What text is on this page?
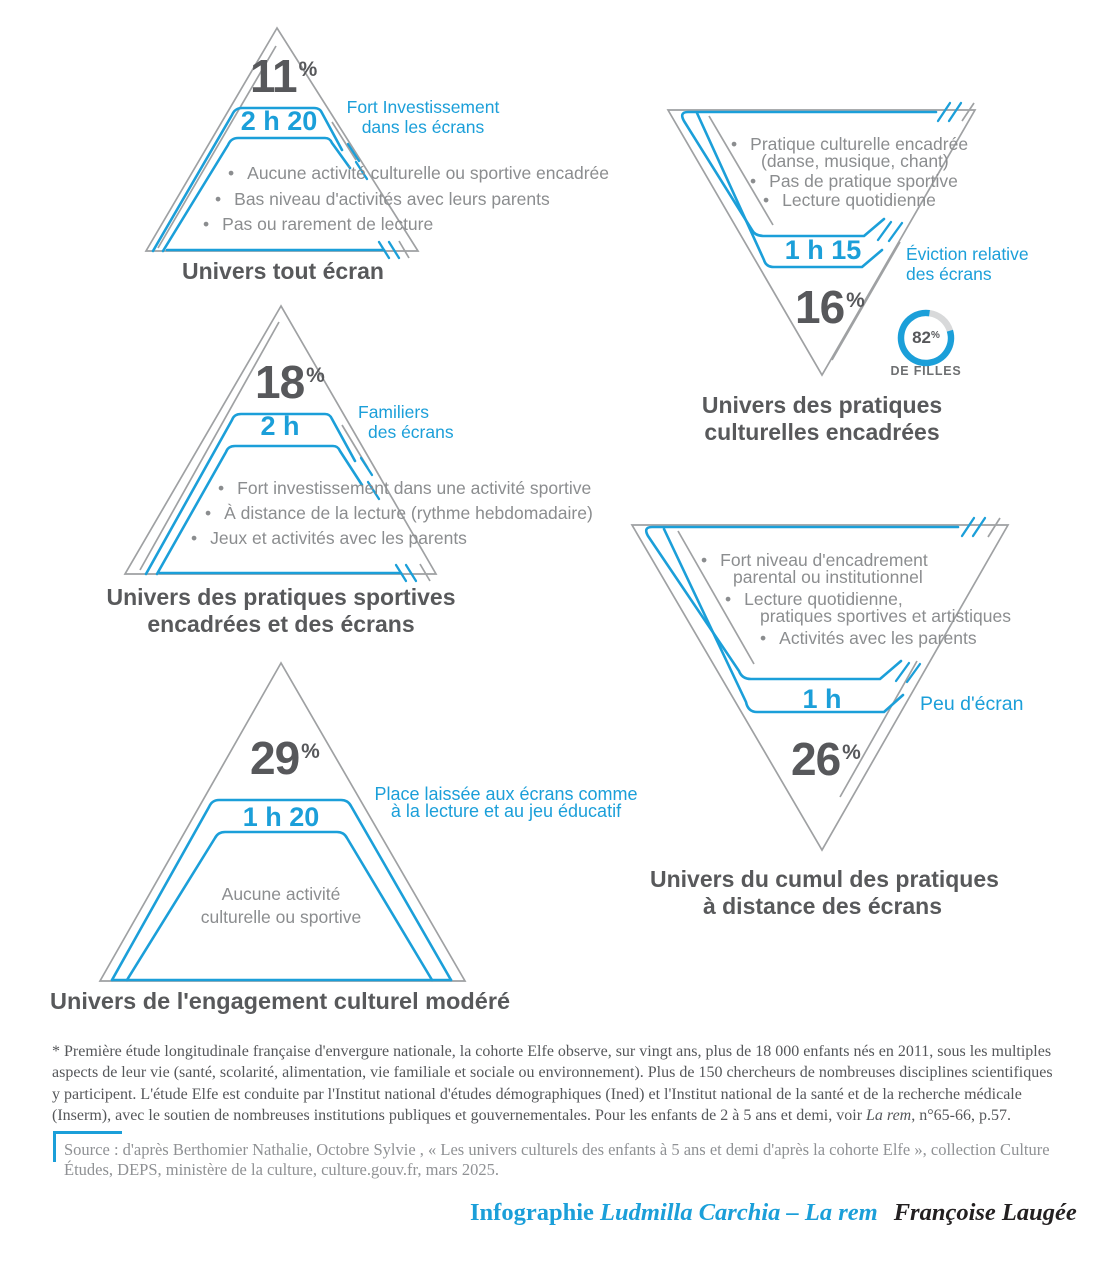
11%
2 h 20	Fort Investissement
dans les écrans
• Aucune activité culturelle ou sportive encadrée
• Bas niveau d'activités avec leurs parents
• Pas ou rarement de lecture
Univers tout écran
• Pratique culturelle encadrée
(danse, musique, chant)
• Pas de pratique sportive
• Lecture quotidienne
1 h 15	Éviction relative
des écrans
16%
82%
DE FILLES
Univers des pratiques
culturelles encadrées
18%
2 h	Familiers
des écrans
• Fort investissement dans une activité sportive
• À distance de la lecture (rythme hebdomadaire)
• Jeux et activités avec les parents
Univers des pratiques sportives
encadrées et des écrans
• Fort niveau d'encadrement
parental ou institutionnel
• Lecture quotidienne,
pratiques sportives et artistiques
• Activités avec les parents
1 h	Peu d'écran
26%
Univers du cumul des pratiques
à distance des écrans
29%
1 h 20
Place laissée aux écrans comme
à la lecture et au jeu éducatif
Aucune activité
culturelle ou sportive
Univers de l'engagement culturel modéré
* Première étude longitudinale française d'envergure nationale, la cohorte Elfe observe, sur vingt ans, plus de 18 000 enfants nés en 2011, sous les multiples
aspects de leur vie (santé, scolarité, alimentation, vie familiale et sociale ou environnement). Plus de 150 chercheurs de nombreuses disciplines scientifiques
y participent. L'étude Elfe est conduite par l'Institut national d'études démographiques (Ined) et l'Institut national de la santé et de la recherche médicale
(Inserm), avec le soutien de nombreuses institutions publiques et gouvernementales. Pour les enfants de 2 à 5 ans et demi, voir La rem, n°65-66, p.57.
Source : d'après Berthomier Nathalie, Octobre Sylvie , « Les univers culturels des enfants à 5 ans et demi d'après la cohorte Elfe », collection Culture
Études, DEPS, ministère de la culture, culture.gouv.fr, mars 2025.
Infographie Ludmilla Carchia – La rem Françoise Laugée
